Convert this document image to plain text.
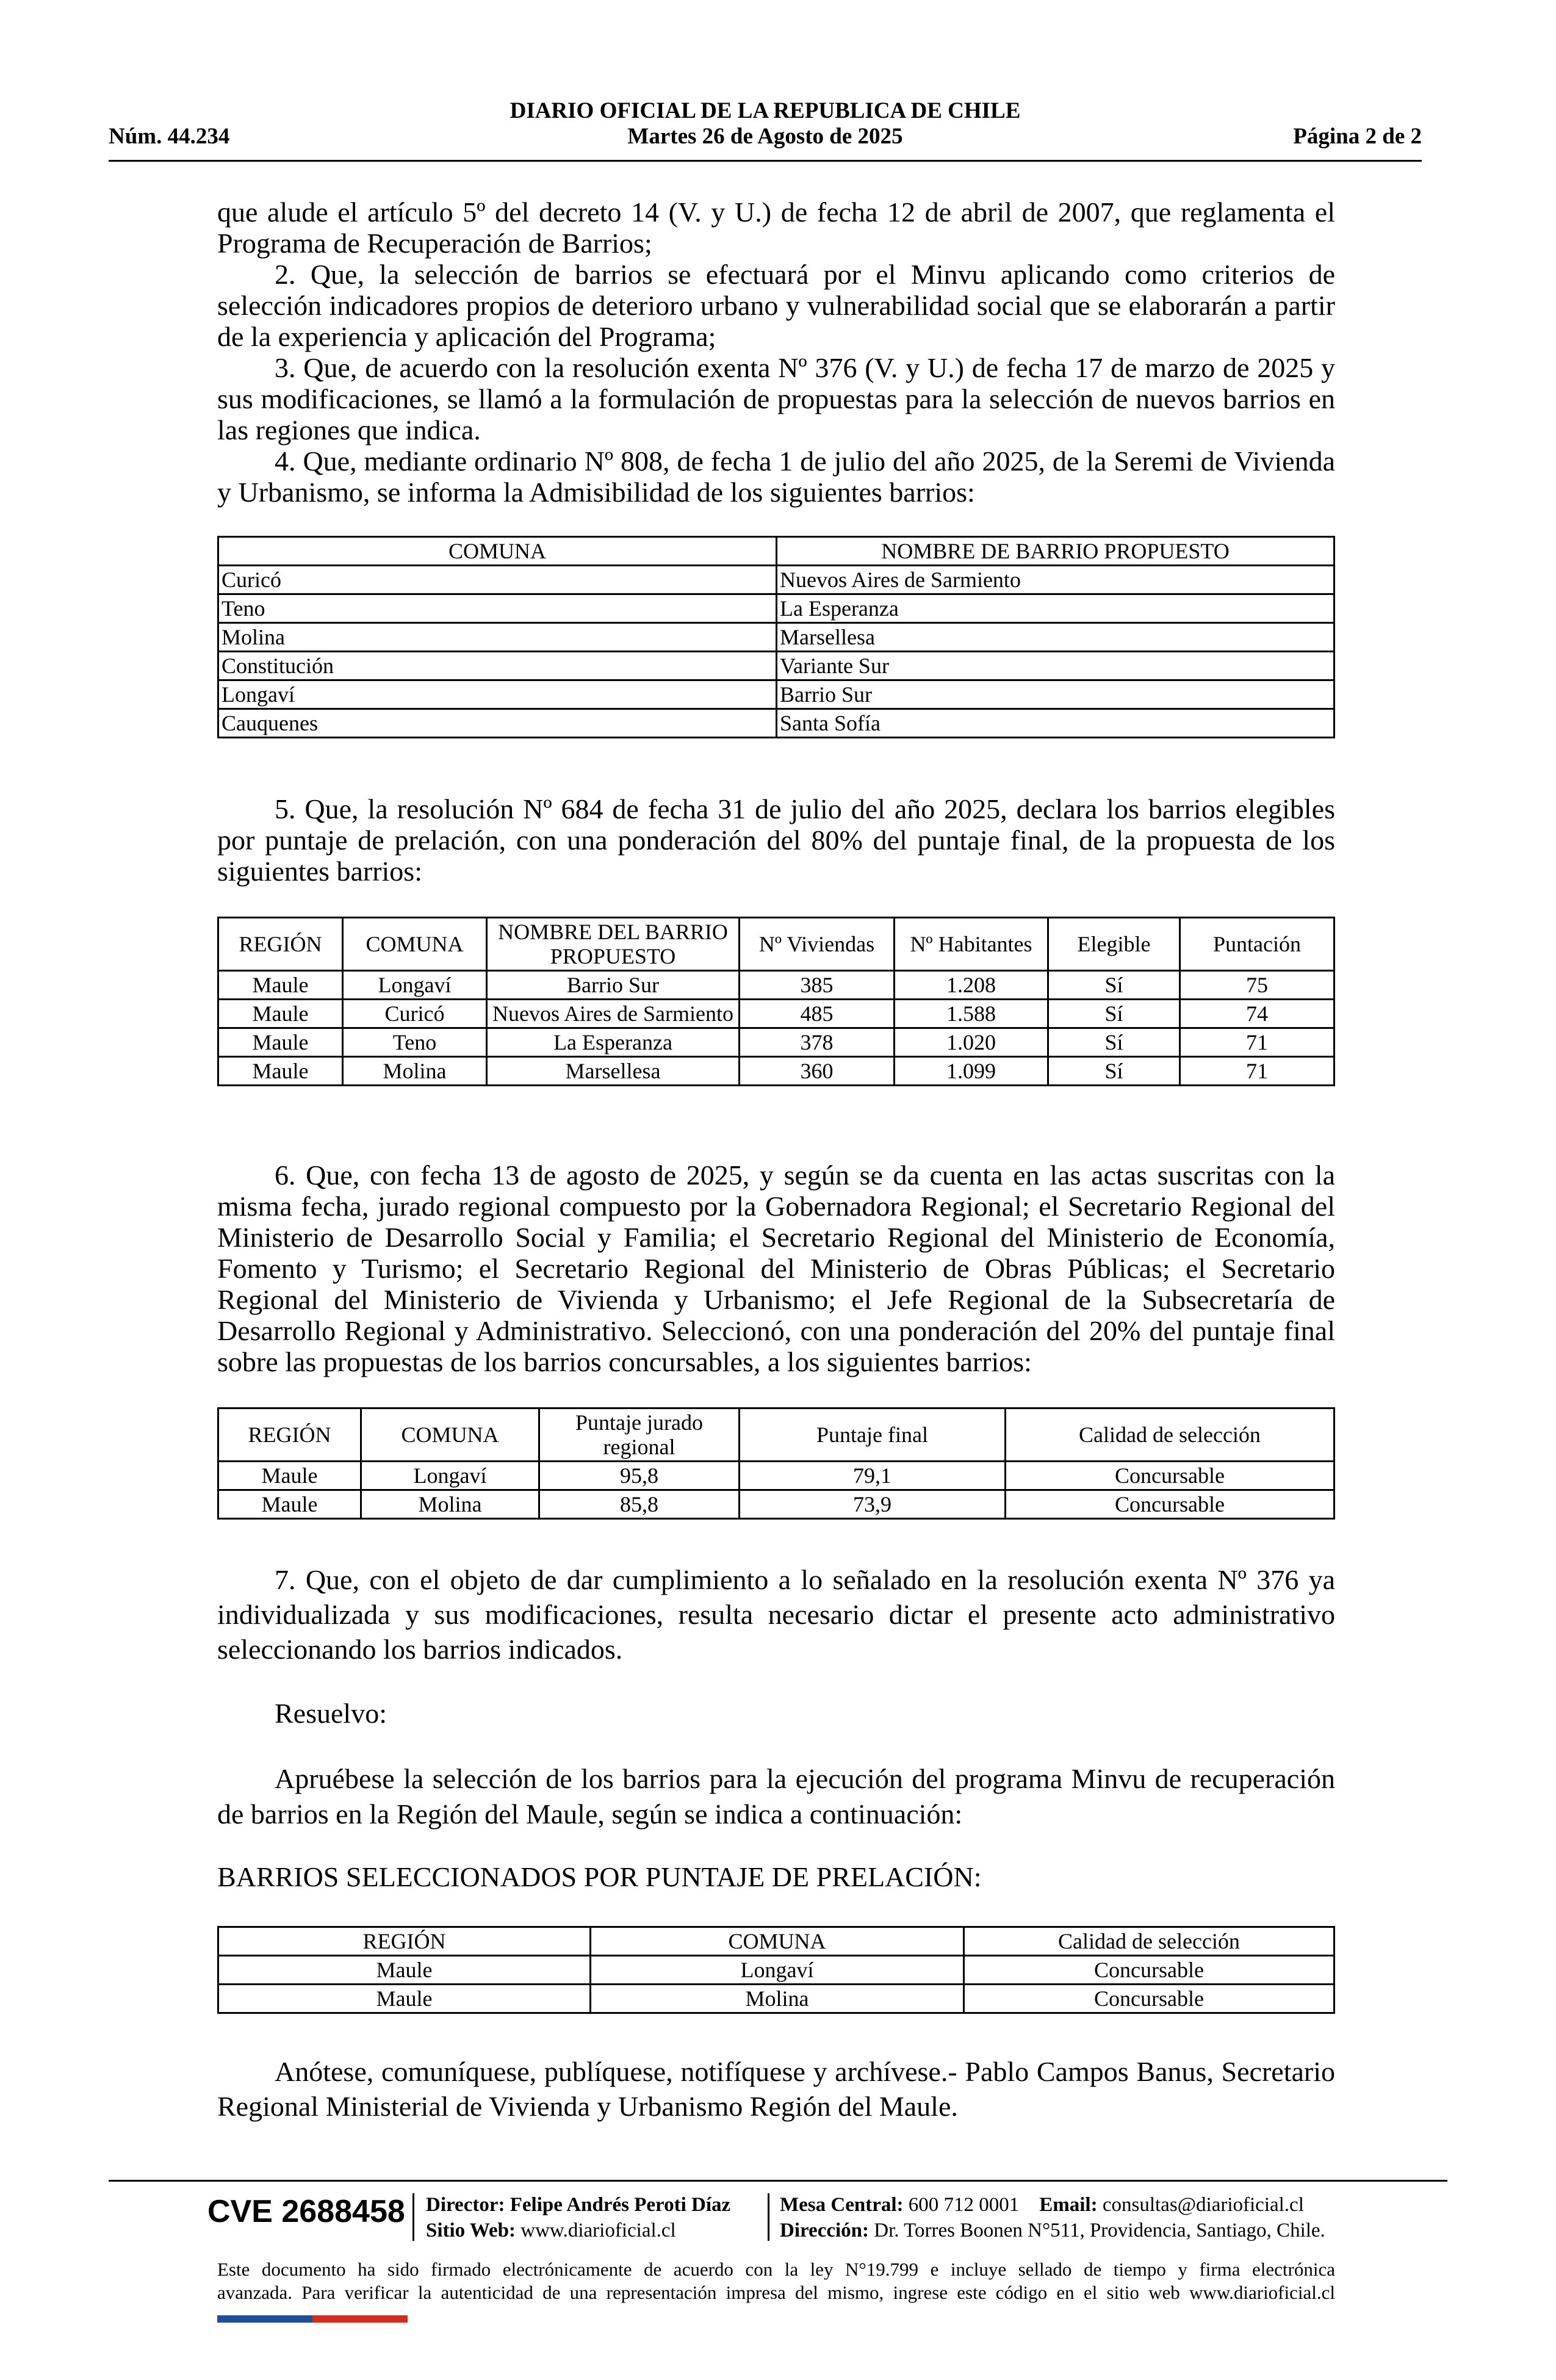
DIARIO OFICIAL DE LA REPUBLICA DE CHILE
Núm. 44.234	Martes 26 de Agosto de 2025	Página 2 de 2

que alude el artículo 5º del decreto 14 (V. y U.) de fecha 12 de abril de 2007, que reglamenta el Programa de Recuperación de Barrios;

2. Que, la selección de barrios se efectuará por el Minvu aplicando como criterios de selección indicadores propios de deterioro urbano y vulnerabilidad social que se elaborarán a partir de la experiencia y aplicación del Programa;

3. Que, de acuerdo con la resolución exenta Nº 376 (V. y U.) de fecha 17 de marzo de 2025 y sus modificaciones, se llamó a la formulación de propuestas para la selección de nuevos barrios en las regiones que indica.

4. Que, mediante ordinario Nº 808, de fecha 1 de julio del año 2025, de la Seremi de Vivienda y Urbanismo, se informa la Admisibilidad de los siguientes barrios:

COMUNA	NOMBRE DE BARRIO PROPUESTO
Curicó	Nuevos Aires de Sarmiento
Teno	La Esperanza
Molina	Marsellesa
Constitución	Variante Sur
Longaví	Barrio Sur
Cauquenes	Santa Sofía

5. Que, la resolución Nº 684 de fecha 31 de julio del año 2025, declara los barrios elegibles por puntaje de prelación, con una ponderación del 80% del puntaje final, de la propuesta de los siguientes barrios:

REGIÓN	COMUNA	NOMBRE DEL BARRIO PROPUESTO	Nº Viviendas	Nº Habitantes	Elegible	Puntación
Maule	Longaví	Barrio Sur	385	1.208	Sí	75
Maule	Curicó	Nuevos Aires de Sarmiento	485	1.588	Sí	74
Maule	Teno	La Esperanza	378	1.020	Sí	71
Maule	Molina	Marsellesa	360	1.099	Sí	71

6. Que, con fecha 13 de agosto de 2025, y según se da cuenta en las actas suscritas con la misma fecha, jurado regional compuesto por la Gobernadora Regional; el Secretario Regional del Ministerio de Desarrollo Social y Familia; el Secretario Regional del Ministerio de Economía, Fomento y Turismo; el Secretario Regional del Ministerio de Obras Públicas; el Secretario Regional del Ministerio de Vivienda y Urbanismo; el Jefe Regional de la Subsecretaría de Desarrollo Regional y Administrativo. Seleccionó, con una ponderación del 20% del puntaje final sobre las propuestas de los barrios concursables, a los siguientes barrios:

REGIÓN	COMUNA	Puntaje jurado regional	Puntaje final	Calidad de selección
Maule	Longaví	95,8	79,1	Concursable
Maule	Molina	85,8	73,9	Concursable

7. Que, con el objeto de dar cumplimiento a lo señalado en la resolución exenta Nº 376 ya individualizada y sus modificaciones, resulta necesario dictar el presente acto administrativo seleccionando los barrios indicados.

Resuelvo:

Apruébese la selección de los barrios para la ejecución del programa Minvu de recuperación de barrios en la Región del Maule, según se indica a continuación:

BARRIOS SELECCIONADOS POR PUNTAJE DE PRELACIÓN:

REGIÓN	COMUNA	Calidad de selección
Maule	Longaví	Concursable
Maule	Molina	Concursable

Anótese, comuníquese, publíquese, notifíquese y archívese.- Pablo Campos Banus, Secretario Regional Ministerial de Vivienda y Urbanismo Región del Maule.

CVE 2688458 Director: Felipe Andrés Peroti Díaz
Sitio Web: www.diarioficial.cl
Mesa Central: 600 712 0001 Email: consultas@diarioficial.cl
Dirección: Dr. Torres Boonen N°511, Providencia, Santiago, Chile.
Este documento ha sido firmado electrónicamente de acuerdo con la ley N°19.799 e incluye sellado de tiempo y firma electrónica
avanzada. Para verificar la autenticidad de una representación impresa del mismo, ingrese este código en el sitio web www.diarioficial.cl
